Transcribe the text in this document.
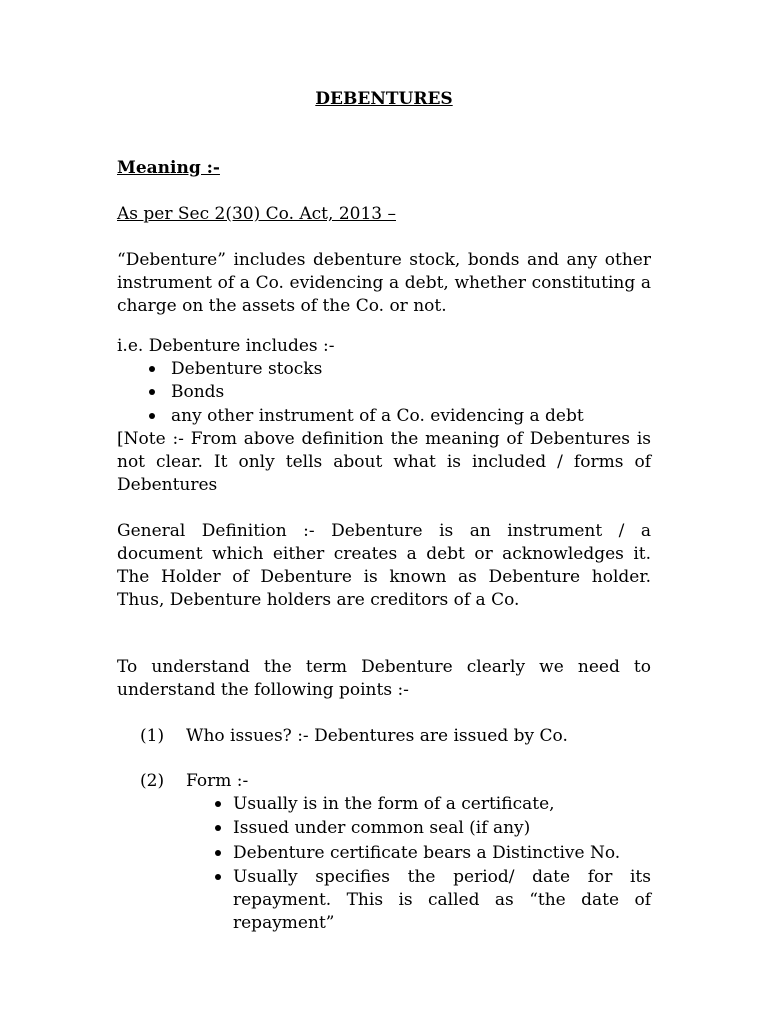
DEBENTURES
Meaning :-
As per Sec 2(30) Co. Act, 2013 –
“Debenture” includes debenture stock, bonds and any other
instrument of a Co. evidencing a debt, whether constituting a
charge on the assets of the Co. or not.
i.e. Debenture includes :-
Debenture stocks
Bonds
any other instrument of a Co. evidencing a debt
[Note :- From above definition the meaning of Debentures is
not clear. It only tells about what is included / forms of
Debentures
General Definition :- Debenture is an instrument / a
document which either creates a debt or acknowledges it.
The Holder of Debenture is known as Debenture holder.
Thus, Debenture holders are creditors of a Co.
To understand the term Debenture clearly we need to
understand the following points :-
(1) Who issues? :- Debentures are issued by Co.
(2) Form :-
Usually is in the form of a certificate,
Issued under common seal (if any)
Debenture certificate bears a Distinctive No.
Usually specifies the period/ date for its
repayment. This is called as “the date of
repayment”
